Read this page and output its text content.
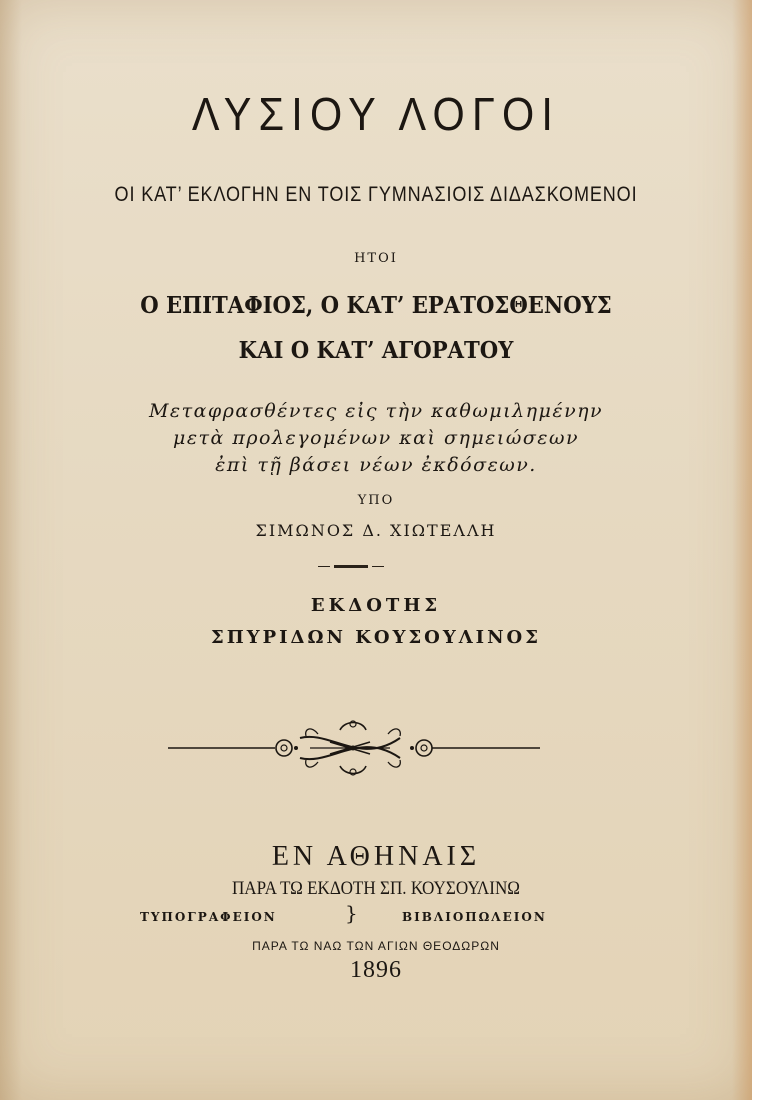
ΛΥΣΙΟΥ ΛΟΓΟΙ
ΟΙ ΚΑΤ’ ΕΚΛΟΓΗΝ ΕΝ ΤΟΙΣ ΓΥΜΝΑΣΙΟΙΣ ΔΙΔΑΣΚΟΜΕΝΟΙ
ΗΤΟΙ
Ο ΕΠΙΤΑΦΙΟΣ, Ο ΚΑΤ’ ΕΡΑΤΟΣΘΕΝΟΥΣ
ΚΑΙ Ο ΚΑΤ’ ΑΓΟΡΑΤΟΥ
Μεταφρασθέντες εἰς τὴν καθωμιλημένην
μετὰ προλεγομένων καὶ σημειώσεων
ἐπὶ τῇ βάσει νέων ἐκδόσεων.
ΥΠΟ
ΣΙΜΩΝΟΣ Δ. ΧΙΩΤΕΛΛΗ
ΕΚΔΟΤΗΣ
ΣΠΥΡΙΔΩΝ ΚΟΥΣΟΥΛΙΝΟΣ
ΕΝ ΑΘΗΝΑΙΣ
ΠΑΡΑ ΤΩ ΕΚΔΟΤΗ ΣΠ. ΚΟΥΣΟΥΛΙΝΩ
ΤΥΠΟΓΡΑΦΕΙΟΝ	}	ΒΙΒΛΙΟΠΩΛΕΙΟΝ
ΠΑΡΑ ΤΩ ΝΑΩ ΤΩΝ ΑΓΙΩΝ ΘΕΟΔΩΡΩΝ
1896
